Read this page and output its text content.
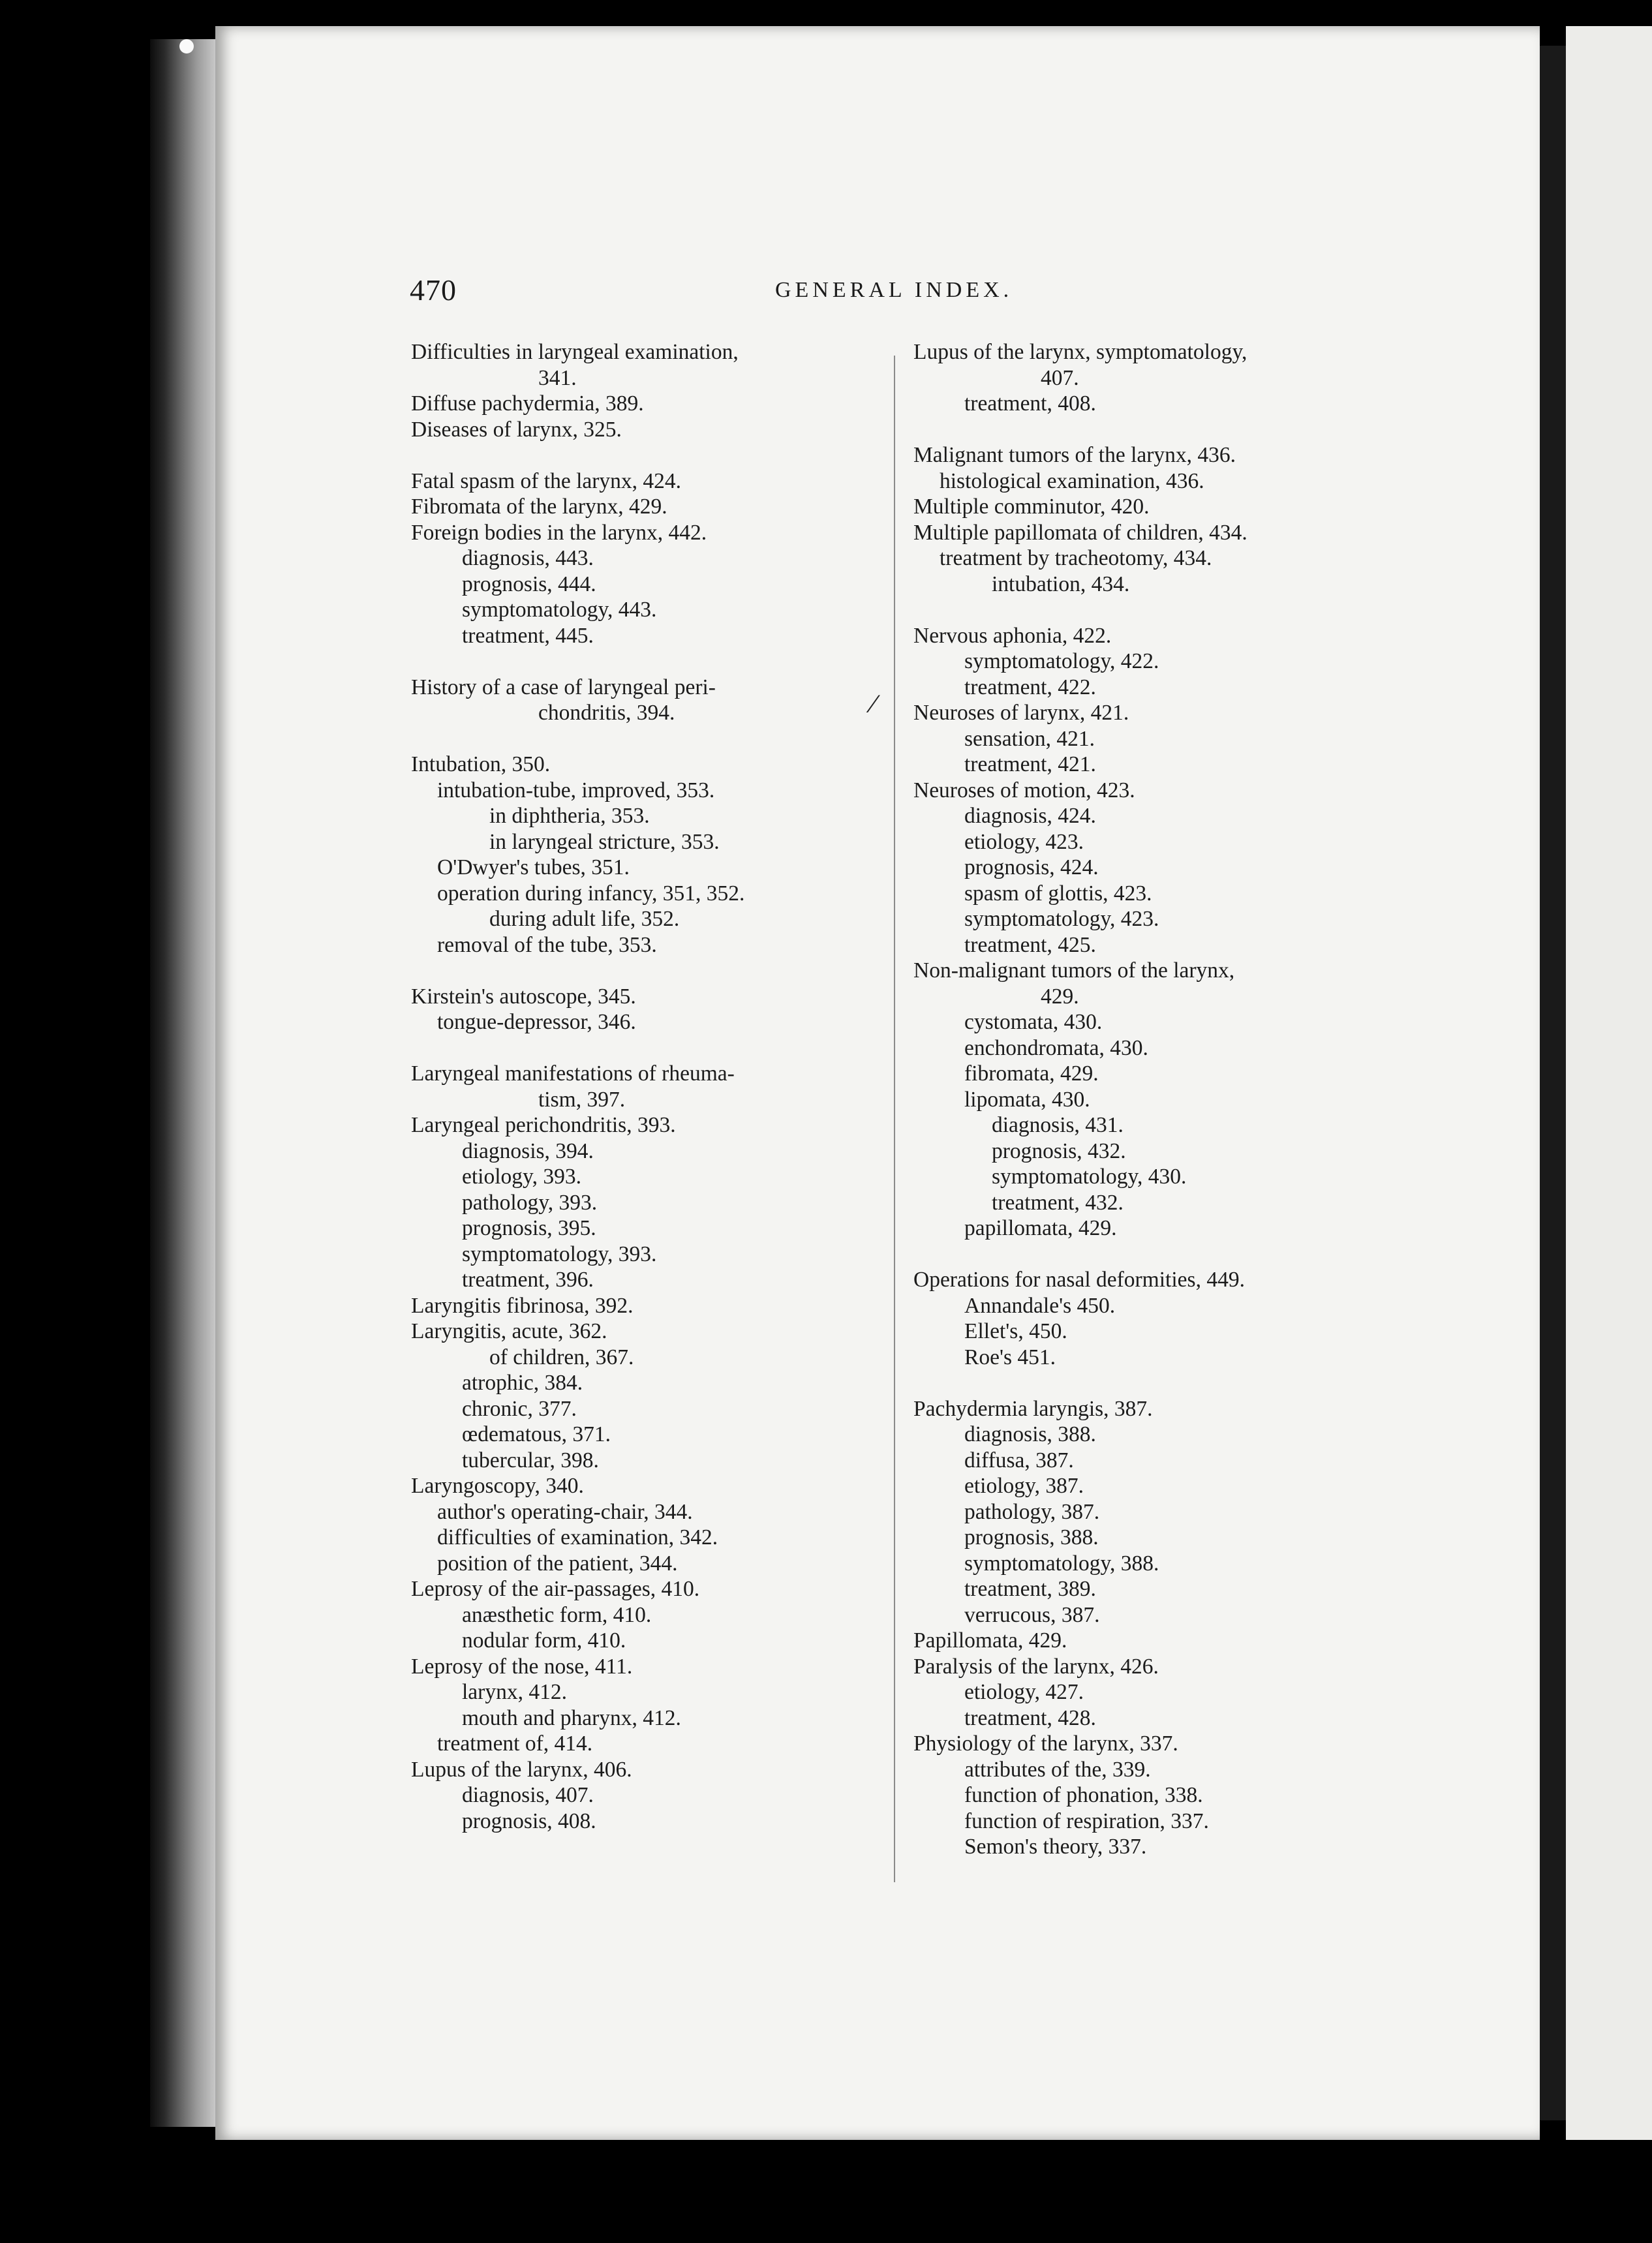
470	GENERAL INDEX.
Difficulties in laryngeal examination,
341.
Diffuse pachydermia, 389.
Diseases of larynx, 325.
Fatal spasm of the larynx, 424.
Fibromata of the larynx, 429.
Foreign bodies in the larynx, 442.
diagnosis, 443.
prognosis, 444.
symptomatology, 443.
treatment, 445.
History of a case of laryngeal peri-
chondritis, 394.
Intubation, 350.
intubation-tube, improved, 353.
in diphtheria, 353.
in laryngeal stricture, 353.
O'Dwyer's tubes, 351.
operation during infancy, 351, 352.
during adult life, 352.
removal of the tube, 353.
Kirstein's autoscope, 345.
tongue-depressor, 346.
Laryngeal manifestations of rheuma-
tism, 397.
Laryngeal perichondritis, 393.
diagnosis, 394.
etiology, 393.
pathology, 393.
prognosis, 395.
symptomatology, 393.
treatment, 396.
Laryngitis fibrinosa, 392.
Laryngitis, acute, 362.
of children, 367.
atrophic, 384.
chronic, 377.
œdematous, 371.
tubercular, 398.
Laryngoscopy, 340.
author's operating-chair, 344.
difficulties of examination, 342.
position of the patient, 344.
Leprosy of the air-passages, 410.
anæsthetic form, 410.
nodular form, 410.
Leprosy of the nose, 411.
larynx, 412.
mouth and pharynx, 412.
treatment of, 414.
Lupus of the larynx, 406.
diagnosis, 407.
prognosis, 408.
Lupus of the larynx, symptomatology,
407.
treatment, 408.
Malignant tumors of the larynx, 436.
histological examination, 436.
Multiple comminutor, 420.
Multiple papillomata of children, 434.
treatment by tracheotomy, 434.
intubation, 434.
Nervous aphonia, 422.
symptomatology, 422.
treatment, 422.
Neuroses of larynx, 421.
sensation, 421.
treatment, 421.
Neuroses of motion, 423.
diagnosis, 424.
etiology, 423.
prognosis, 424.
spasm of glottis, 423.
symptomatology, 423.
treatment, 425.
Non-malignant tumors of the larynx,
429.
cystomata, 430.
enchondromata, 430.
fibromata, 429.
lipomata, 430.
diagnosis, 431.
prognosis, 432.
symptomatology, 430.
treatment, 432.
papillomata, 429.
Operations for nasal deformities, 449.
Annandale's 450.
Ellet's, 450.
Roe's 451.
Pachydermia laryngis, 387.
diagnosis, 388.
diffusa, 387.
etiology, 387.
pathology, 387.
prognosis, 388.
symptomatology, 388.
treatment, 389.
verrucous, 387.
Papillomata, 429.
Paralysis of the larynx, 426.
etiology, 427.
treatment, 428.
Physiology of the larynx, 337.
attributes of the, 339.
function of phonation, 338.
function of respiration, 337.
Semon's theory, 337.
⁄
